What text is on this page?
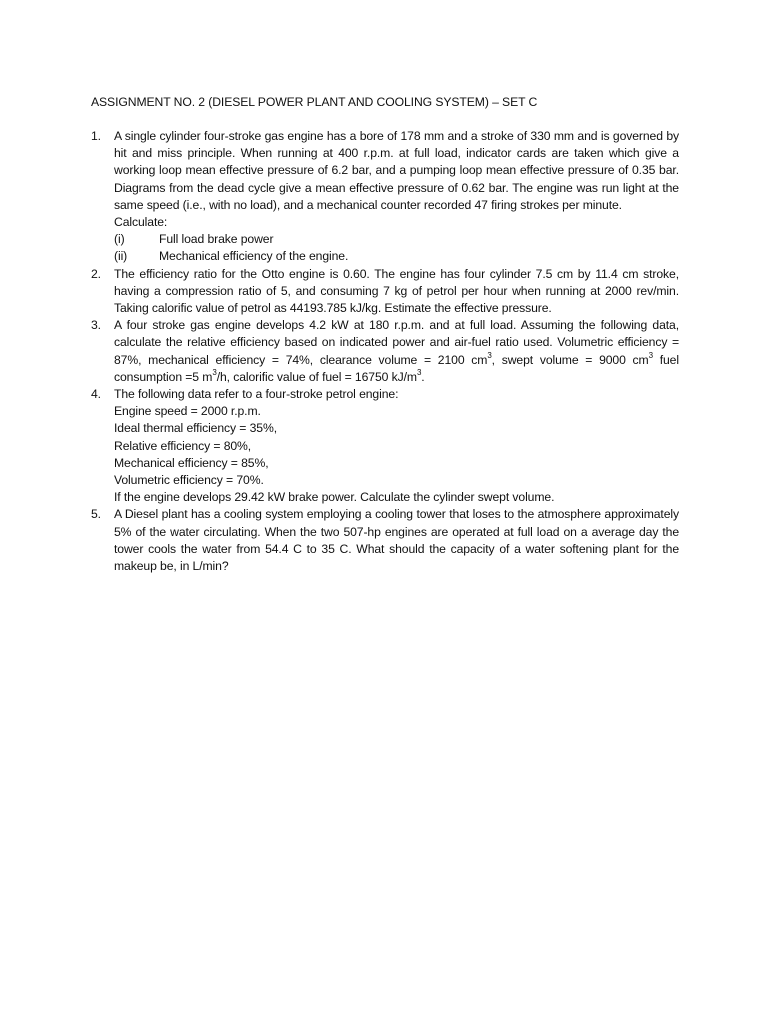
ASSIGNMENT NO. 2 (DIESEL POWER PLANT AND COOLING SYSTEM) – SET C
1. A single cylinder four-stroke gas engine has a bore of 178 mm and a stroke of 330 mm and is governed by hit and miss principle. When running at 400 r.p.m. at full load, indicator cards are taken which give a working loop mean effective pressure of 6.2 bar, and a pumping loop mean effective pressure of 0.35 bar. Diagrams from the dead cycle give a mean effective pressure of 0.62 bar. The engine was run light at the same speed (i.e., with no load), and a mechanical counter recorded 47 firing strokes per minute.
Calculate:
(i)	Full load brake power
(ii)	Mechanical efficiency of the engine.
2. The efficiency ratio for the Otto engine is 0.60. The engine has four cylinder 7.5 cm by 11.4 cm stroke, having a compression ratio of 5, and consuming 7 kg of petrol per hour when running at 2000 rev/min. Taking calorific value of petrol as 44193.785 kJ/kg. Estimate the effective pressure.
3. A four stroke gas engine develops 4.2 kW at 180 r.p.m. and at full load. Assuming the following data, calculate the relative efficiency based on indicated power and air-fuel ratio used. Volumetric efficiency = 87%, mechanical efficiency = 74%, clearance volume = 2100 $cm^3$, swept volume = 9000 $cm^3$ fuel consumption =5 $m^3/h$, calorific value of fuel = 16750 $kJ/m^3$.
4. The following data refer to a four-stroke petrol engine:
Engine speed = 2000 r.p.m.
Ideal thermal efficiency = 35%,
Relative efficiency = 80%,
Mechanical efficiency = 85%,
Volumetric efficiency = 70%.
If the engine develops 29.42 kW brake power. Calculate the cylinder swept volume.
5. A Diesel plant has a cooling system employing a cooling tower that loses to the atmosphere approximately 5% of the water circulating. When the two 507-hp engines are operated at full load on a average day the tower cools the water from 54.4 C to 35 C. What should the capacity of a water softening plant for the makeup be, in L/min?
